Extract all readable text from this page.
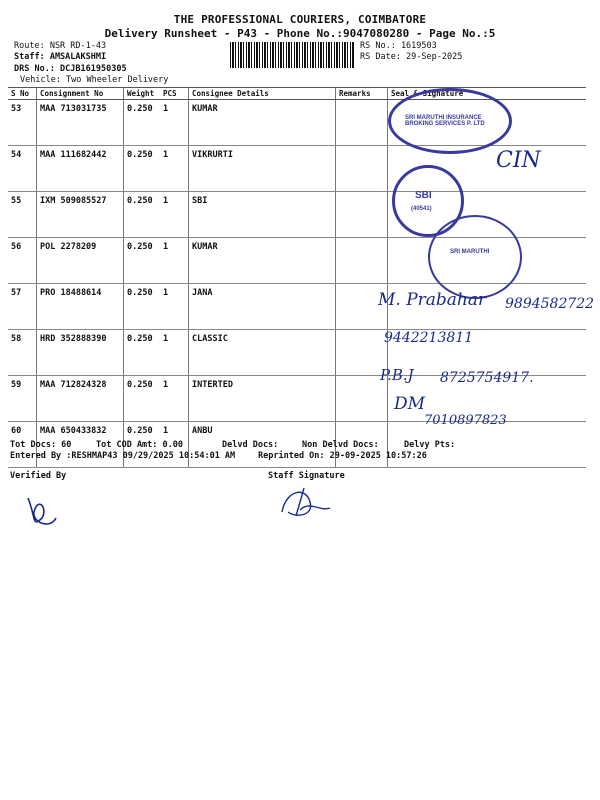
THE PROFESSIONAL COURIERS, COIMBATORE
Delivery Runsheet - P43 - Phone No.:9047080280 - Page No.:5
Route: NSR RD-1-43
Staff: AMSALAKSHMI
DRS No.: DCJB161950305
Vehicle: Two Wheeler Delivery
RS No.: 1619503
RS Date: 29-Sep-2025
S No	Consignment No	Weight	PCS	Consignee Details	Remarks	Seal & Signature
53	MAA 713031735	0.250	1	KUMAR		
54	MAA 111682442	0.250	1	VIKRURTI		
55	IXM 509085527	0.250	1	SBI		
56	POL 2278209	0.250	1	KUMAR		
57	PRO 18488614	0.250	1	JANA		
58	HRD 352888390	0.250	1	CLASSIC		
59	MAA 712824328	0.250	1	INTERTED		
60	MAA 650433832	0.250	1	ANBU		
SRI MARUTHI INSURANCE BROKING SERVICES P. LTD
SBI
(40541)
SRI MARUTHI
CIN
M. Prabahar 9894582722
9442213811
P.B.J 8725754917.
DM
7010897823
Tot Docs: 60	Tot COD Amt: 0.00	Delvd Docs:	Non Delvd Docs:	Delvy Pts:
Entered By :RESHMAP43 09/29/2025 10:54:01 AM	Reprinted On: 29-09-2025 10:57:26
Verified By	Staff Signature
